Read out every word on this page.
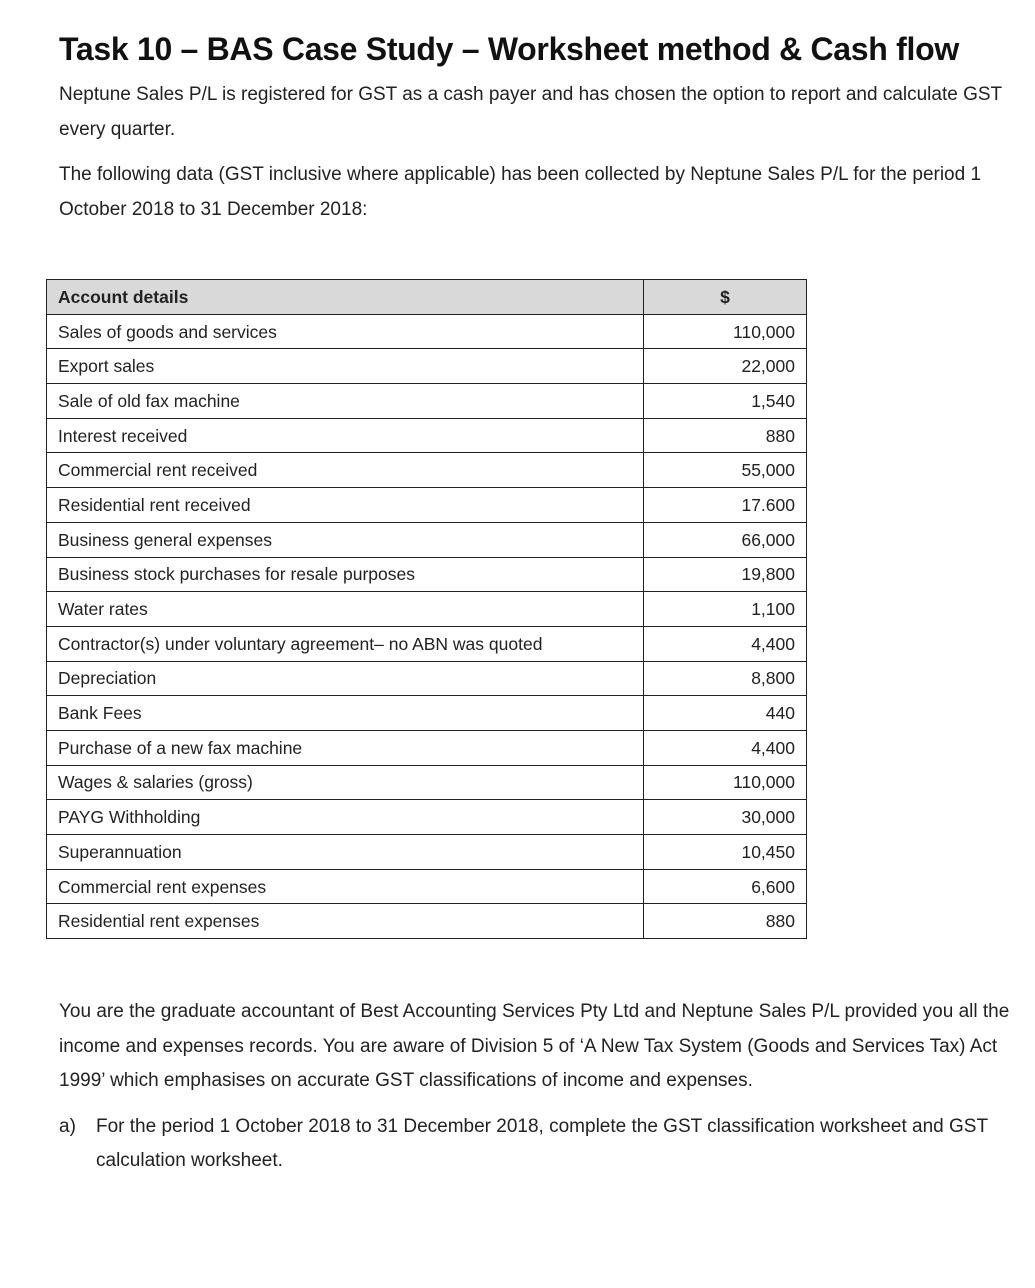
Task 10 – BAS Case Study – Worksheet method & Cash flow

Neptune Sales P/L is registered for GST as a cash payer and has chosen the option to report and calculate GST every quarter.

The following data (GST inclusive where applicable) has been collected by Neptune Sales P/L for the period 1 October 2018 to 31 December 2018:

Account details	$
Sales of goods and services	110,000
Export sales	22,000
Sale of old fax machine	1,540
Interest received	880
Commercial rent received	55,000
Residential rent received	17.600
Business general expenses	66,000
Business stock purchases for resale purposes	19,800
Water rates	1,100
Contractor(s) under voluntary agreement– no ABN was quoted	4,400
Depreciation	8,800
Bank Fees	440
Purchase of a new fax machine	4,400
Wages & salaries (gross)	110,000
PAYG Withholding	30,000
Superannuation	10,450
Commercial rent expenses	6,600
Residential rent expenses	880

You are the graduate accountant of Best Accounting Services Pty Ltd and Neptune Sales P/L provided you all the income and expenses records. You are aware of Division 5 of ‘A New Tax System (Goods and Services Tax) Act 1999’ which emphasises on accurate GST classifications of income and expenses.

a)	For the period 1 October 2018 to 31 December 2018, complete the GST classification worksheet and GST calculation worksheet.
